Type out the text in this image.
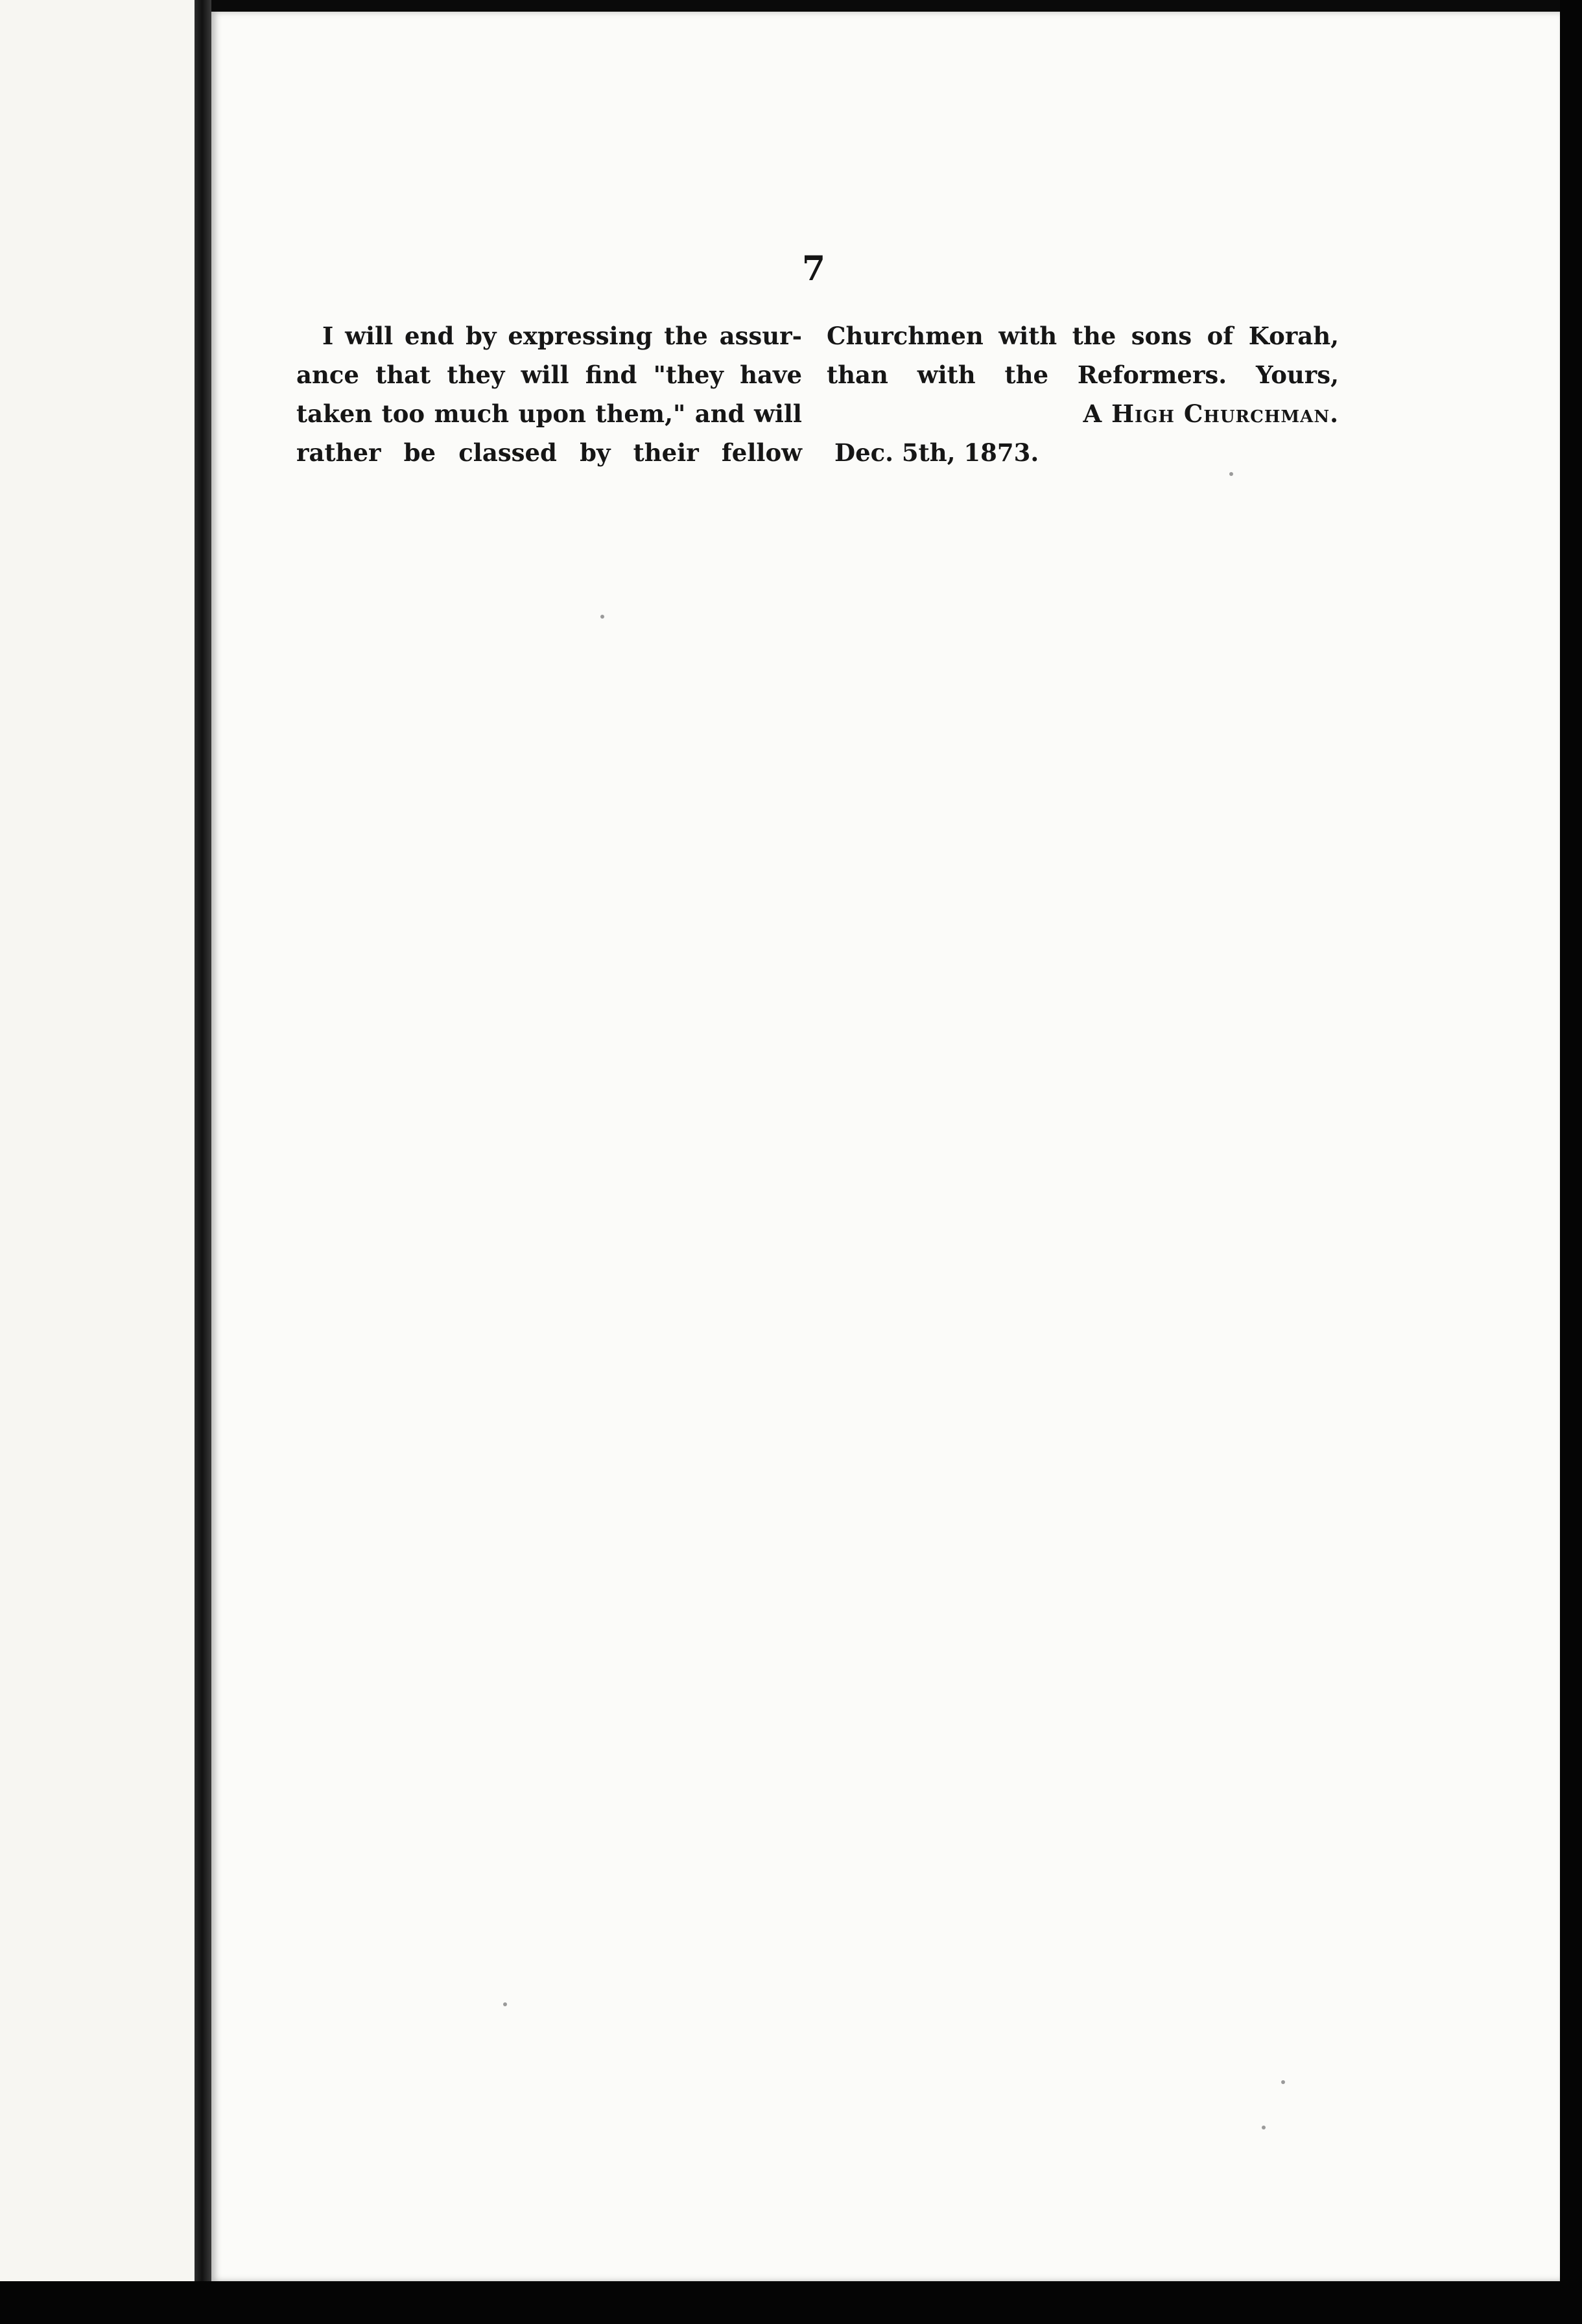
7
I will end by expressing the assur-
ance that they will find "they have
taken too much upon them," and will
rather be classed by their fellow
Churchmen with the sons of Korah,
than with the Reformers. Yours,
A High Churchman.
Dec. 5th, 1873.
